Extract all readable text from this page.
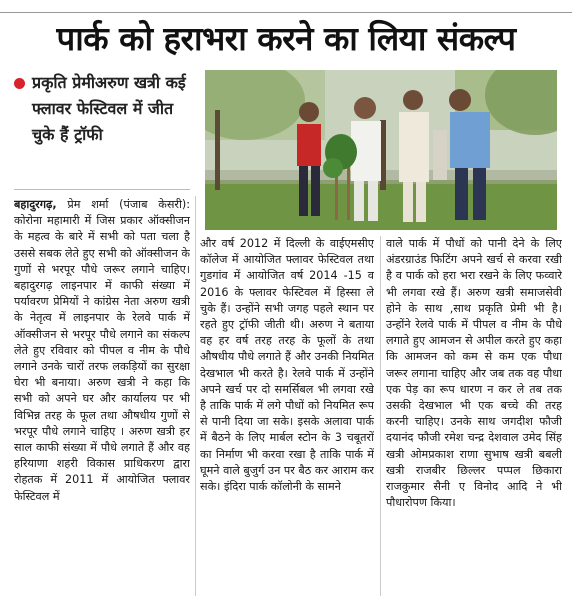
पार्क को हराभरा करने का लिया संकल्प
प्रकृति प्रेमीअरुण खत्री कई फ्लावर फेस्टिवल में जीत चुके हैं ट्रॉफी
बहादुरगढ़, प्रेम शर्मा (पंजाब केसरी): कोरोना महामारी में जिस प्रकार ऑक्सीजन के महत्व के बारे में सभी को पता चला है उससे सबक लेते हुए सभी को ऑक्सीजन के गुणों से भरपूर पौधे जरूर लगाने चाहिए। बहादुरगढ़ लाइनपार में काफी संख्या में पर्यावरण प्रेमियों ने कांग्रेस नेता अरुण खत्री के नेतृत्व में लाइनपार के रेलवे पार्क में ऑक्सीजन से भरपूर पौधे लगाने का संकल्प लेते हुए रविवार को पीपल व नीम के पौधे लगाने उनके चारों तरफ लकड़ियों का सुरक्षा घेरा भी बनाया। अरुण खत्री ने कहा कि सभी को अपने घर और कार्यालय पर भी विभिन्न तरह के फूल तथा औषधीय गुणों से भरपूर पौधे लगाने चाहिए । अरुण खत्री हर साल काफी संख्या में पौधे लगाते हैं और वह हरियाणा शहरी विकास प्राधिकरण द्वारा रोहतक में 2011 में आयोजित फ्लावर फेस्टिवल में
और वर्ष 2012 में दिल्ली के वाईएमसीए कॉलेज में आयोजित फ्लावर फेस्टिवल तथा गुडगांव में आयोजित वर्ष 2014 -15 व 2016 के फ्लावर फेस्टिवल में हिस्सा ले चुके हैं। उन्होंने सभी जगह पहले स्थान पर रहते हुए ट्रॉफी जीती थी। अरुण ने बताया वह हर वर्ष तरह तरह के फूलों के तथा औषधीय पौधे लगाते हैं और उनकी नियमित देखभाल भी करते है। रेलवे पार्क में उन्होंने अपने खर्च पर दो समर्सिबल भी लगवा रखे है ताकि पार्क में लगे पौधों को नियमित रूप से पानी दिया जा सके। इसके अलावा पार्क में बैठने के लिए मार्बल स्टोन के 3 चबूतरों का निर्माण भी करवा रखा है ताकि पार्क में घूमने वाले बुजुर्ग उन पर बैठ कर आराम कर सके। इंदिरा पार्क कॉलोनी के सामने
वाले पार्क में पौधों को पानी देने के लिए अंडरग्राउंड फिटिंग अपने खर्च से करवा रखी है व पार्क को हरा भरा रखने के लिए फव्वारे भी लगवा रखे हैं। अरुण खत्री समाजसेवी होने के साथ ,साथ प्रकृति प्रेमी भी है। उन्होंने रेलवे पार्क में पीपल व नीम के पौधे लगाते हुए आमजन से अपील करते हुए कहा कि आमजन को कम से कम एक पौधा जरूर लगाना चाहिए और जब तक वह पौधा एक पेड़ का रूप धारण न कर ले तब तक उसकी देखभाल भी एक बच्चे की तरह करनी चाहिए। उनके साथ जगदीश फौजी दयानंद फौजी रमेश चन्द्र देशवाल उमेद सिंह खत्री ओमप्रकाश राणा सुभाष खत्री बबली खत्री राजबीर छिल्लर पप्पल छिकारा राजकुमार सैनी ए विनोद आदि ने भी पौधारोपण किया।
